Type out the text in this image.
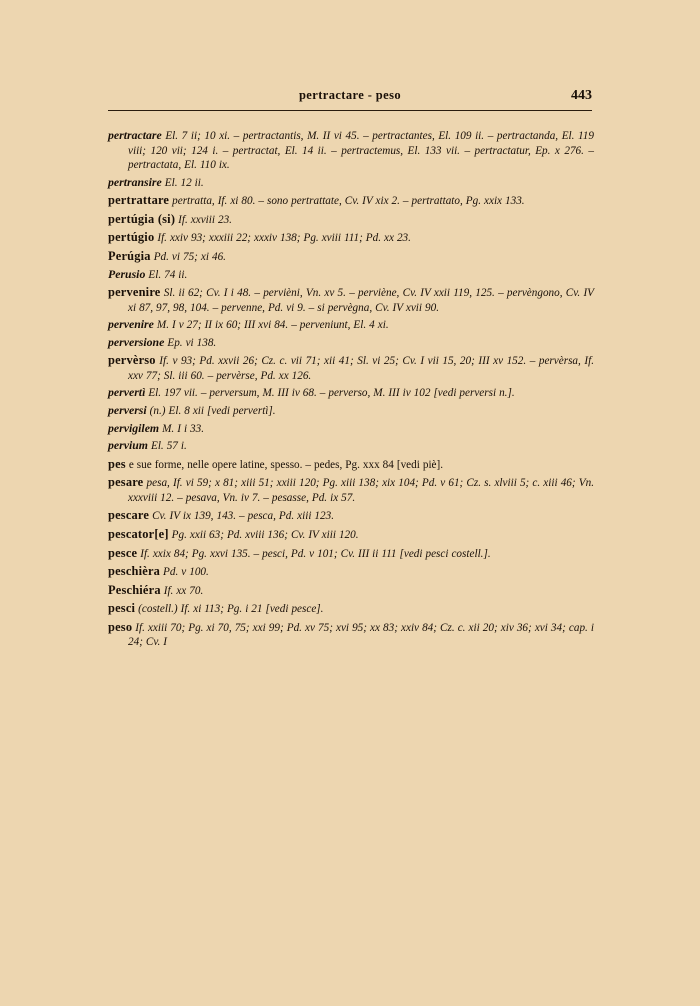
pertractare - peso	443
pertractare El. 7 ii; 10 xi. – pertractantis, M. II vi 45. – pertractantes, El. 109 ii. – pertractanda, El. 119 viii; 120 vii; 124 i. – pertractat, El. 14 ii. – pertractemus, El. 133 vii. – pertractatur, Ep. x 276. – pertractata, El. 110 ix.
pertransire El. 12 ii.
pertrattare pertratta, If. xi 80. – sono pertrattate, Cv. IV xix 2. – pertrattato, Pg. xxix 133.
pertúgia (si) If. xxviii 23.
pertúgio If. xxiv 93; xxxiii 22; xxxiv 138; Pg. xviii 111; Pd. xx 23.
Perúgia Pd. vi 75; xi 46.
Perusio El. 74 ii.
pervenire Sl. ii 62; Cv. I i 48. – pervièni, Vn. xv 5. – perviène, Cv. IV xxii 119, 125. – pervèngono, Cv. IV xi 87, 97, 98, 104. – pervenne, Pd. vi 9. – si pervègna, Cv. IV xvii 90.
pervenire M. I v 27; II ix 60; III xvi 84. – perveniunt, El. 4 xi.
perversione Ep. vi 138.
pervèrso If. v 93; Pd. xxvii 26; Cz. c. vii 71; xii 41; Sl. vi 25; Cv. I vii 15, 20; III xv 152. – pervèrsa, If. xxv 77; Sl. iii 60. – pervèrse, Pd. xx 126.
pervertì El. 197 vii. – perversum, M. III iv 68. – perverso, M. III iv 102 [vedi perversi n.].
perversi (n.) El. 8 xii [vedi pervertì].
pervigilem M. I i 33.
pervium El. 57 i.
pes e sue forme, nelle opere latine, spesso. – pedes, Pg. xxx 84 [vedi piè].
pesare pesa, If. vi 59; x 81; xiii 51; xxiii 120; Pg. xiii 138; xix 104; Pd. v 61; Cz. s. xlviii 5; c. xiii 46; Vn. xxxviii 12. – pesava, Vn. iv 7. – pesasse, Pd. ix 57.
pescare Cv. IV ix 139, 143. – pesca, Pd. xiii 123.
pescator[e] Pg. xxii 63; Pd. xviii 136; Cv. IV xiii 120.
pesce If. xxix 84; Pg. xxvi 135. – pesci, Pd. v 101; Cv. III ii 111 [vedi pesci costell.].
peschièra Pd. v 100.
Peschiéra If. xx 70.
pesci (costell.) If. xi 113; Pg. i 21 [vedi pesce].
peso If. xxiii 70; Pg. xi 70, 75; xxi 99; Pd. xv 75; xvi 95; xx 83; xxiv 84; Cz. c. xii 20; xiv 36; xvi 34; cap. i 24; Cv. I
